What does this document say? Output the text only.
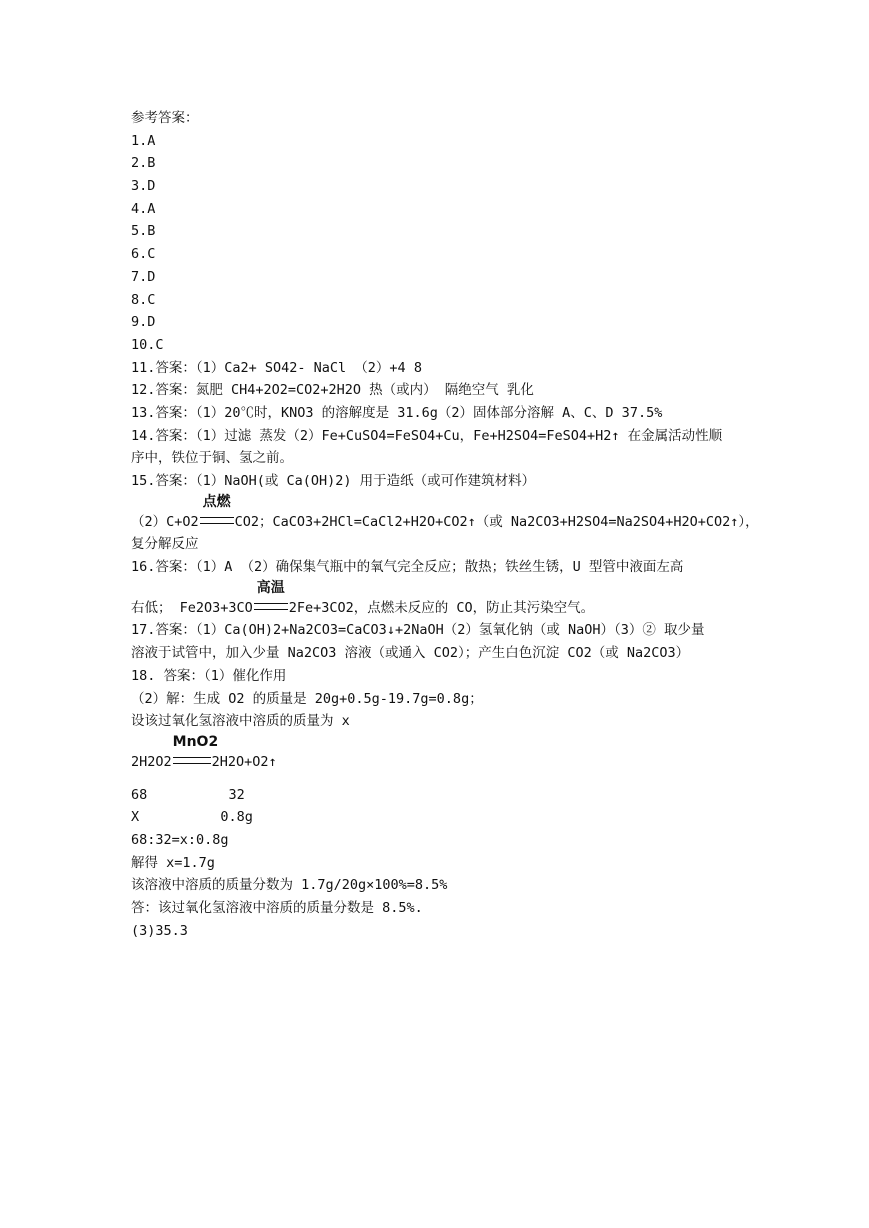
参考答案：
1.A
2.B
3.D
4.A
5.B
6.C
7.D
8.C
9.D
10.C
11.答案：（1）Ca2+ SO42- NaCl （2）+4 8
12.答案：氮肥 CH4+2O2=CO2+2H2O 热（或内） 隔绝空气 乳化
13.答案：（1）20℃时，KNO3 的溶解度是 31.6g（2）固体部分溶解 A、C、D 37.5%
14.答案：（1）过滤 蒸发（2）Fe+CuSO4=FeSO4+Cu，Fe+H2SO4=FeSO4+H2↑ 在金属活动性顺
序中，铁位于铜、氢之前。
15.答案：（1）NaOH(或 Ca(OH)2) 用于造纸（或可作建筑材料）
（2）C+O2
点燃
CO2；CaCO3+2HCl=CaCl2+H2O+CO2↑（或 Na2CO3+H2SO4=Na2SO4+H2O+CO2↑），
复分解反应
16.答案：（1）A （2）确保集气瓶中的氧气完全反应；散热；铁丝生锈，U 型管中液面左高
右低； Fe2O3+3CO
高温
2Fe+3CO2，点燃未反应的 CO，防止其污染空气。
17.答案：（1）Ca(OH)2+Na2CO3=CaCO3↓+2NaOH（2）氢氧化钠（或 NaOH）（3）② 取少量
溶液于试管中，加入少量 Na2CO3 溶液（或通入 CO2）；产生白色沉淀 CO2（或 Na2CO3）
18. 答案：（1）催化作用
（2）解：生成 O2 的质量是 20g+0.5g-19.7g=0.8g；
设该过氧化氢溶液中溶质的质量为 x
2H2O2
MnO2
2H2O+O2↑
68          32
X          0.8g
68:32=x:0.8g
解得 x=1.7g
该溶液中溶质的质量分数为 1.7g/20g×100%=8.5%
答：该过氧化氢溶液中溶质的质量分数是 8.5%.
(3)35.3
